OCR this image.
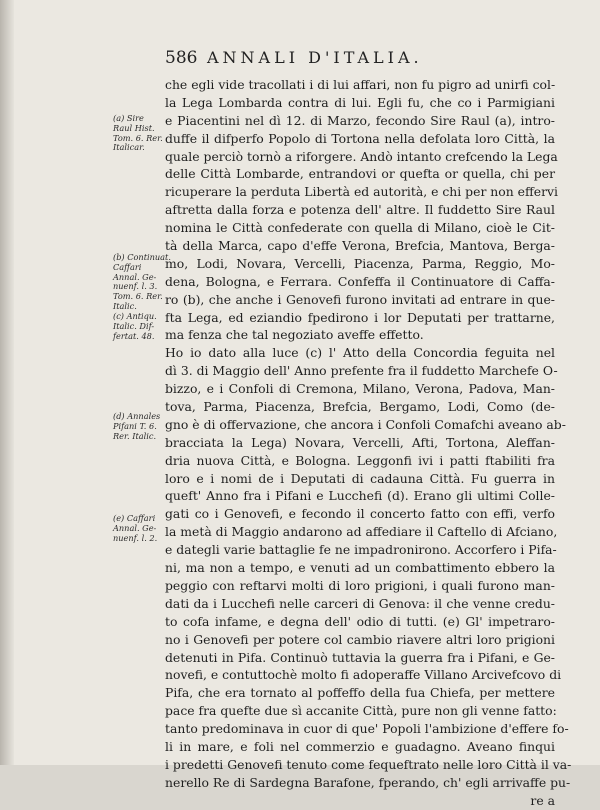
586 ANNALI D'ITALIA.
(a) Sire
Raul Hist.
Tom. 6. Rer.
Italicar.
(b) Continuat.
Caffari
Annal. Ge-
nuenf. l. 3.
Tom. 6. Rer.
Italic.
(c) Antiqu.
Italic. Dif-
fertat. 48.
(d) Annales
Pifani T. 6.
Rer. Italic.
(e) Caffari
Annal. Ge-
nuenf. l. 2.
che egli vide tracollati i di lui affari, non fu pigro ad unirfi col-
la Lega Lombarda contra di lui. Egli fu, che co i Parmigiani
e Piacentini nel dì 12. di Marzo, fecondo Sire Raul (a), intro-
duffe il difperfo Popolo di Tortona nella defolata loro Città, la
quale perciò tornò a riforgere. Andò intanto crefcendo la Lega
delle Città Lombarde, entrandovi or quefta or quella, chi per
ricuperare la perduta Libertà ed autorità, e chi per non effervi
aftretta dalla forza e potenza dell' altre. Il fuddetto Sire Raul
nomina le Città confederate con quella di Milano, cioè le Cit-
tà della Marca, capo d'effe Verona, Brefcia, Mantova, Berga-
mo, Lodi, Novara, Vercelli, Piacenza, Parma, Reggio, Mo-
dena, Bologna, e Ferrara. Confeffa il Continuatore di Caffa-
ro (b), che anche i Genovefi furono invitati ad entrare in que-
fta Lega, ed eziandio fpedirono i lor Deputati per trattarne,
ma fenza che tal negoziato aveffe effetto.
Ho io dato alla luce (c) l' Atto della Concordia feguita nel
dì 3. di Maggio dell' Anno prefente fra il fuddetto Marchefe O-
bizzo, e i Confoli di Cremona, Milano, Verona, Padova, Man-
tova, Parma, Piacenza, Brefcia, Bergamo, Lodi, Como (de-
gno è di offervazione, che ancora i Confoli Comafchi aveano ab-
bracciata la Lega) Novara, Vercelli, Afti, Tortona, Aleffan-
dria nuova Città, e Bologna. Leggonfi ivi i patti ftabiliti fra
loro e i nomi de i Deputati di cadauna Città. Fu guerra in
queft' Anno fra i Pifani e Lucchefi (d). Erano gli ultimi Colle-
gati co i Genovefi, e fecondo il concerto fatto con effi, verfo
la metà di Maggio andarono ad affediare il Caftello di Afciano,
e dategli varie battaglie fe ne impadronirono. Accorfero i Pifa-
ni, ma non a tempo, e venuti ad un combattimento ebbero la
peggio con reftarvi molti di loro prigioni, i quali furono man-
dati da i Lucchefi nelle carceri di Genova: il che venne credu-
to cofa infame, e degna dell' odio di tutti. (e) Gl' impetraro-
no i Genovefi per potere col cambio riavere altri loro prigioni
detenuti in Pifa. Continuò tuttavia la guerra fra i Pifani, e Ge-
novefi, e contuttochè molto fi adoperaffe Villano Arcivefcovo di
Pifa, che era tornato al poffeffo della fua Chiefa, per mettere
pace fra quefte due sì accanite Città, pure non gli venne fatto:
tanto predominava in cuor di que' Popoli l'ambizione d'effere fo-
li in mare, e foli nel commerzio e guadagno. Aveano finqui
i predetti Genovefi tenuto come fequeftrato nelle loro Città il va-
nerello Re di Sardegna Barafone, fperando, ch' egli arrivaffe pu-
re a
